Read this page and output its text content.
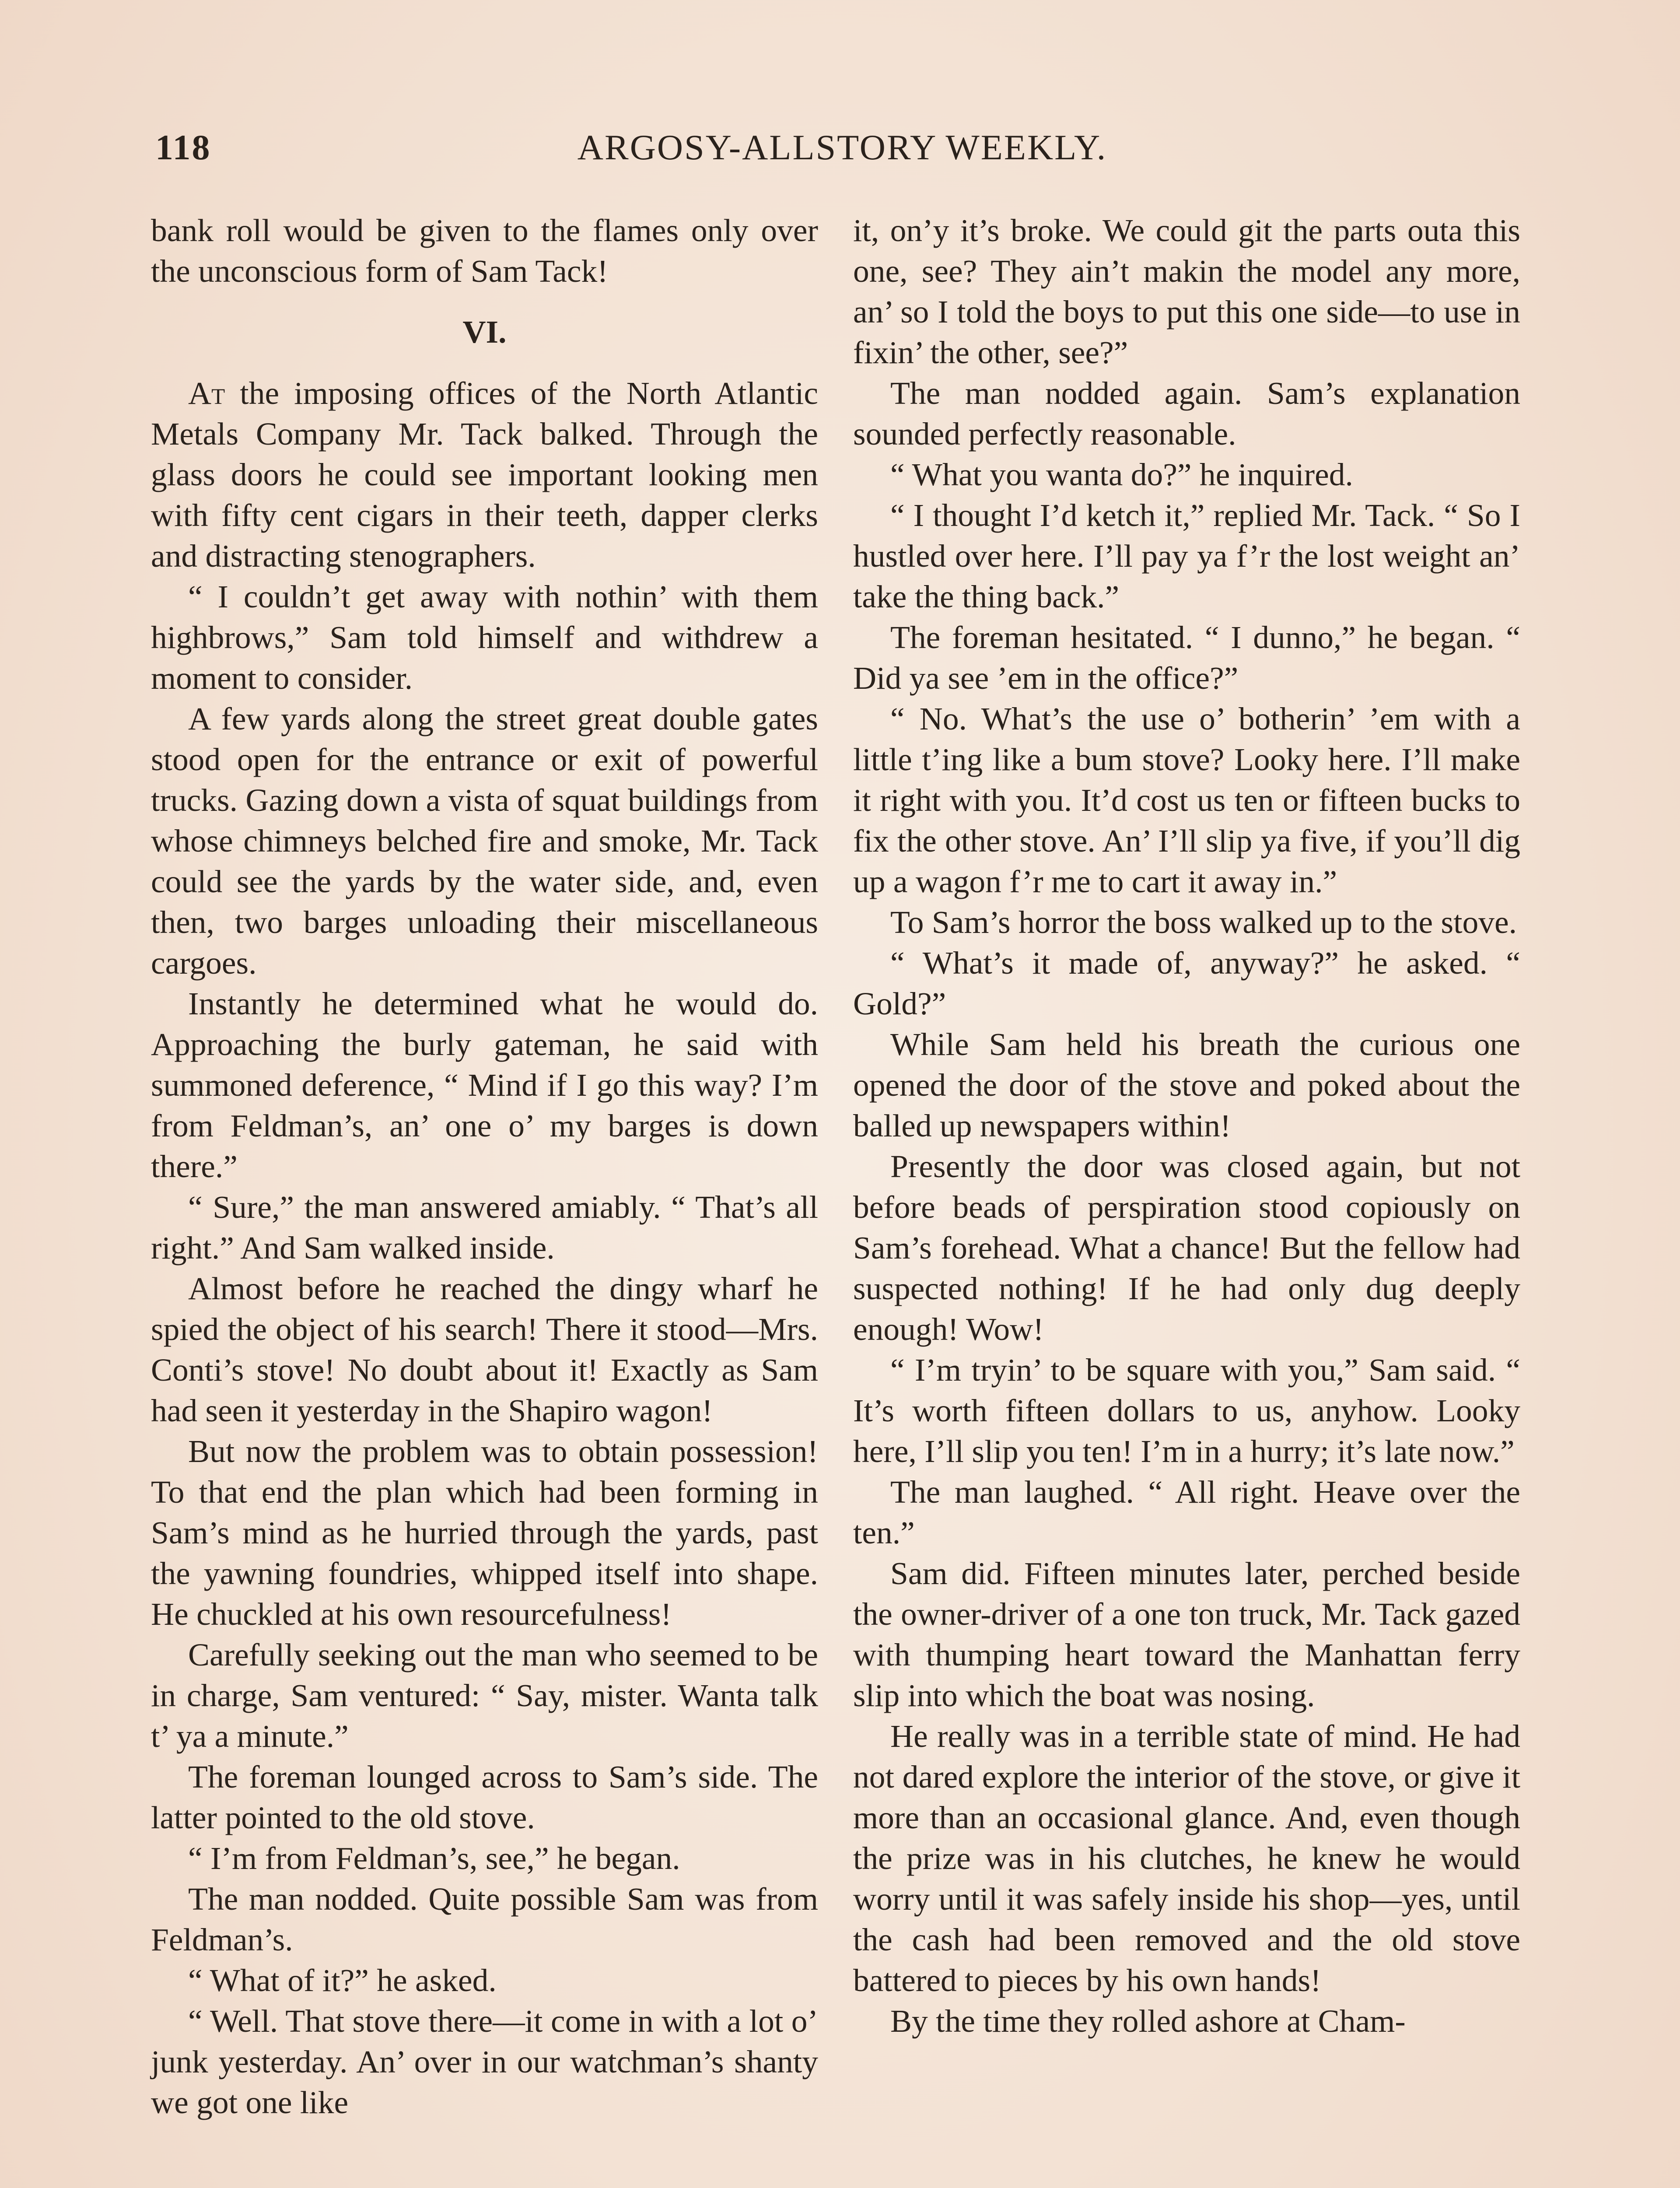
118	ARGOSY-ALLSTORY WEEKLY.

bank roll would be given to the flames only over the unconscious form of Sam Tack!

VI.

At the imposing offices of the North Atlantic Metals Company Mr. Tack balked. Through the glass doors he could see important looking men with fifty cent cigars in their teeth, dapper clerks and distracting stenographers.

“ I couldn’t get away with nothin’ with them highbrows,” Sam told himself and withdrew a moment to consider.

A few yards along the street great double gates stood open for the entrance or exit of powerful trucks. Gazing down a vista of squat buildings from whose chimneys belched fire and smoke, Mr. Tack could see the yards by the water side, and, even then, two barges unloading their miscellaneous cargoes.

Instantly he determined what he would do. Approaching the burly gateman, he said with summoned deference, “ Mind if I go this way? I’m from Feldman’s, an’ one o’ my barges is down there.”

“ Sure,” the man answered amiably. “ That’s all right.” And Sam walked inside.

Almost before he reached the dingy wharf he spied the object of his search! There it stood—Mrs. Conti’s stove! No doubt about it! Exactly as Sam had seen it yesterday in the Shapiro wagon!

But now the problem was to obtain possession! To that end the plan which had been forming in Sam’s mind as he hurried through the yards, past the yawning foundries, whipped itself into shape. He chuckled at his own resourcefulness!

Carefully seeking out the man who seemed to be in charge, Sam ventured: “ Say, mister. Wanta talk t’ ya a minute.”

The foreman lounged across to Sam’s side. The latter pointed to the old stove.

“ I’m from Feldman’s, see,” he began.

The man nodded. Quite possible Sam was from Feldman’s.

“ What of it?” he asked.

“ Well. That stove there—it come in with a lot o’ junk yesterday. An’ over in our watchman’s shanty we got one like

it, on’y it’s broke. We could git the parts outa this one, see? They ain’t makin the model any more, an’ so I told the boys to put this one side—to use in fixin’ the other, see?”

The man nodded again. Sam’s explanation sounded perfectly reasonable.

“ What you wanta do?” he inquired.

“ I thought I’d ketch it,” replied Mr. Tack. “ So I hustled over here. I’ll pay ya f’r the lost weight an’ take the thing back.”

The foreman hesitated. “ I dunno,” he began. “ Did ya see ’em in the office?”

“ No. What’s the use o’ botherin’ ’em with a little t’ing like a bum stove? Looky here. I’ll make it right with you. It’d cost us ten or fifteen bucks to fix the other stove. An’ I’ll slip ya five, if you’ll dig up a wagon f’r me to cart it away in.”

To Sam’s horror the boss walked up to the stove.

“ What’s it made of, anyway?” he asked. “ Gold?”

While Sam held his breath the curious one opened the door of the stove and poked about the balled up newspapers within!

Presently the door was closed again, but not before beads of perspiration stood copiously on Sam’s forehead. What a chance! But the fellow had suspected nothing! If he had only dug deeply enough! Wow!

“ I’m tryin’ to be square with you,” Sam said. “ It’s worth fifteen dollars to us, anyhow. Looky here, I’ll slip you ten! I’m in a hurry; it’s late now.”

The man laughed. “ All right. Heave over the ten.”

Sam did. Fifteen minutes later, perched beside the owner-driver of a one ton truck, Mr. Tack gazed with thumping heart toward the Manhattan ferry slip into which the boat was nosing.

He really was in a terrible state of mind. He had not dared explore the interior of the stove, or give it more than an occasional glance. And, even though the prize was in his clutches, he knew he would worry until it was safely inside his shop—yes, until the cash had been removed and the old stove battered to pieces by his own hands!

By the time they rolled ashore at Cham-
